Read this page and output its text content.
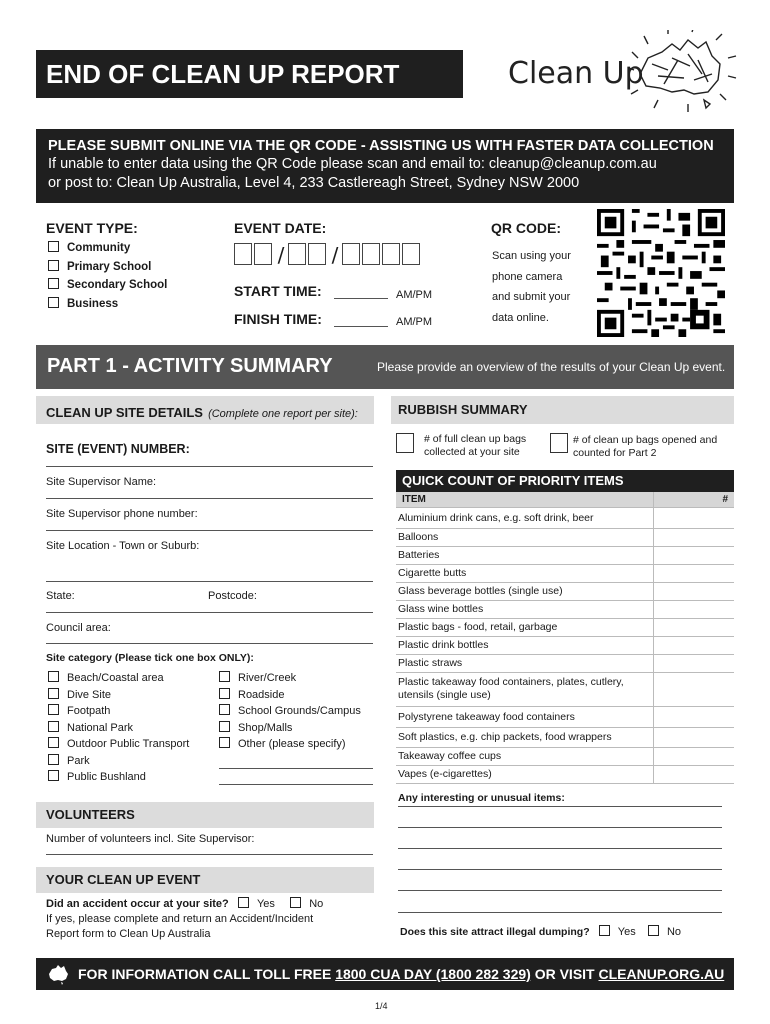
END OF CLEAN UP REPORT	Clean Up
PLEASE SUBMIT ONLINE VIA THE QR CODE - ASSISTING US WITH FASTER DATA COLLECTION
If unable to enter data using the QR Code please scan and email to: cleanup@cleanup.com.au
or post to: Clean Up Australia, Level 4, 233 Castlereagh Street, Sydney NSW 2000
EVENT TYPE:
Community
Primary School
Secondary School
Business
EVENT DATE:
/ /
START TIME:	AM/PM
FINISH TIME:	AM/PM
QR CODE:
Scan using your
phone camera
and submit your
data online.
PART 1 - ACTIVITY SUMMARY	Please provide an overview of the results of your Clean Up event.
CLEAN UP SITE DETAILS (Complete one report per site):
SITE (EVENT) NUMBER:
Site Supervisor Name:
Site Supervisor phone number:
Site Location - Town or Suburb:
State:	Postcode:
Council area:
Site category (Please tick one box ONLY):
Beach/Coastal area
Dive Site
Footpath
National Park
Outdoor Public Transport
Park
Public Bushland
River/Creek
Roadside
School Grounds/Campus
Shop/Malls
Other (please specify)
VOLUNTEERS
Number of volunteers incl. Site Supervisor:
YOUR CLEAN UP EVENT
Did an accident occur at your site?	Yes	No
If yes, please complete and return an Accident/Incident
Report form to Clean Up Australia
RUBBISH SUMMARY
# of full clean up bags collected at your site
# of clean up bags opened and counted for Part 2
QUICK COUNT OF PRIORITY ITEMS
ITEM	#
Aluminium drink cans, e.g. soft drink, beer	
Balloons	
Batteries	
Cigarette butts	
Glass beverage bottles (single use)	
Glass wine bottles	
Plastic bags - food, retail, garbage	
Plastic drink bottles	
Plastic straws	
Plastic takeaway food containers, plates, cutlery, utensils (single use)	
Polystyrene takeaway food containers	
Soft plastics, e.g. chip packets, food wrappers	
Takeaway coffee cups	
Vapes (e-cigarettes)	
Any interesting or unusual items:
Does this site attract illegal dumping?	Yes	No
FOR INFORMATION CALL TOLL FREE 1800 CUA DAY (1800 282 329) OR VISIT CLEANUP.ORG.AU
1/4
